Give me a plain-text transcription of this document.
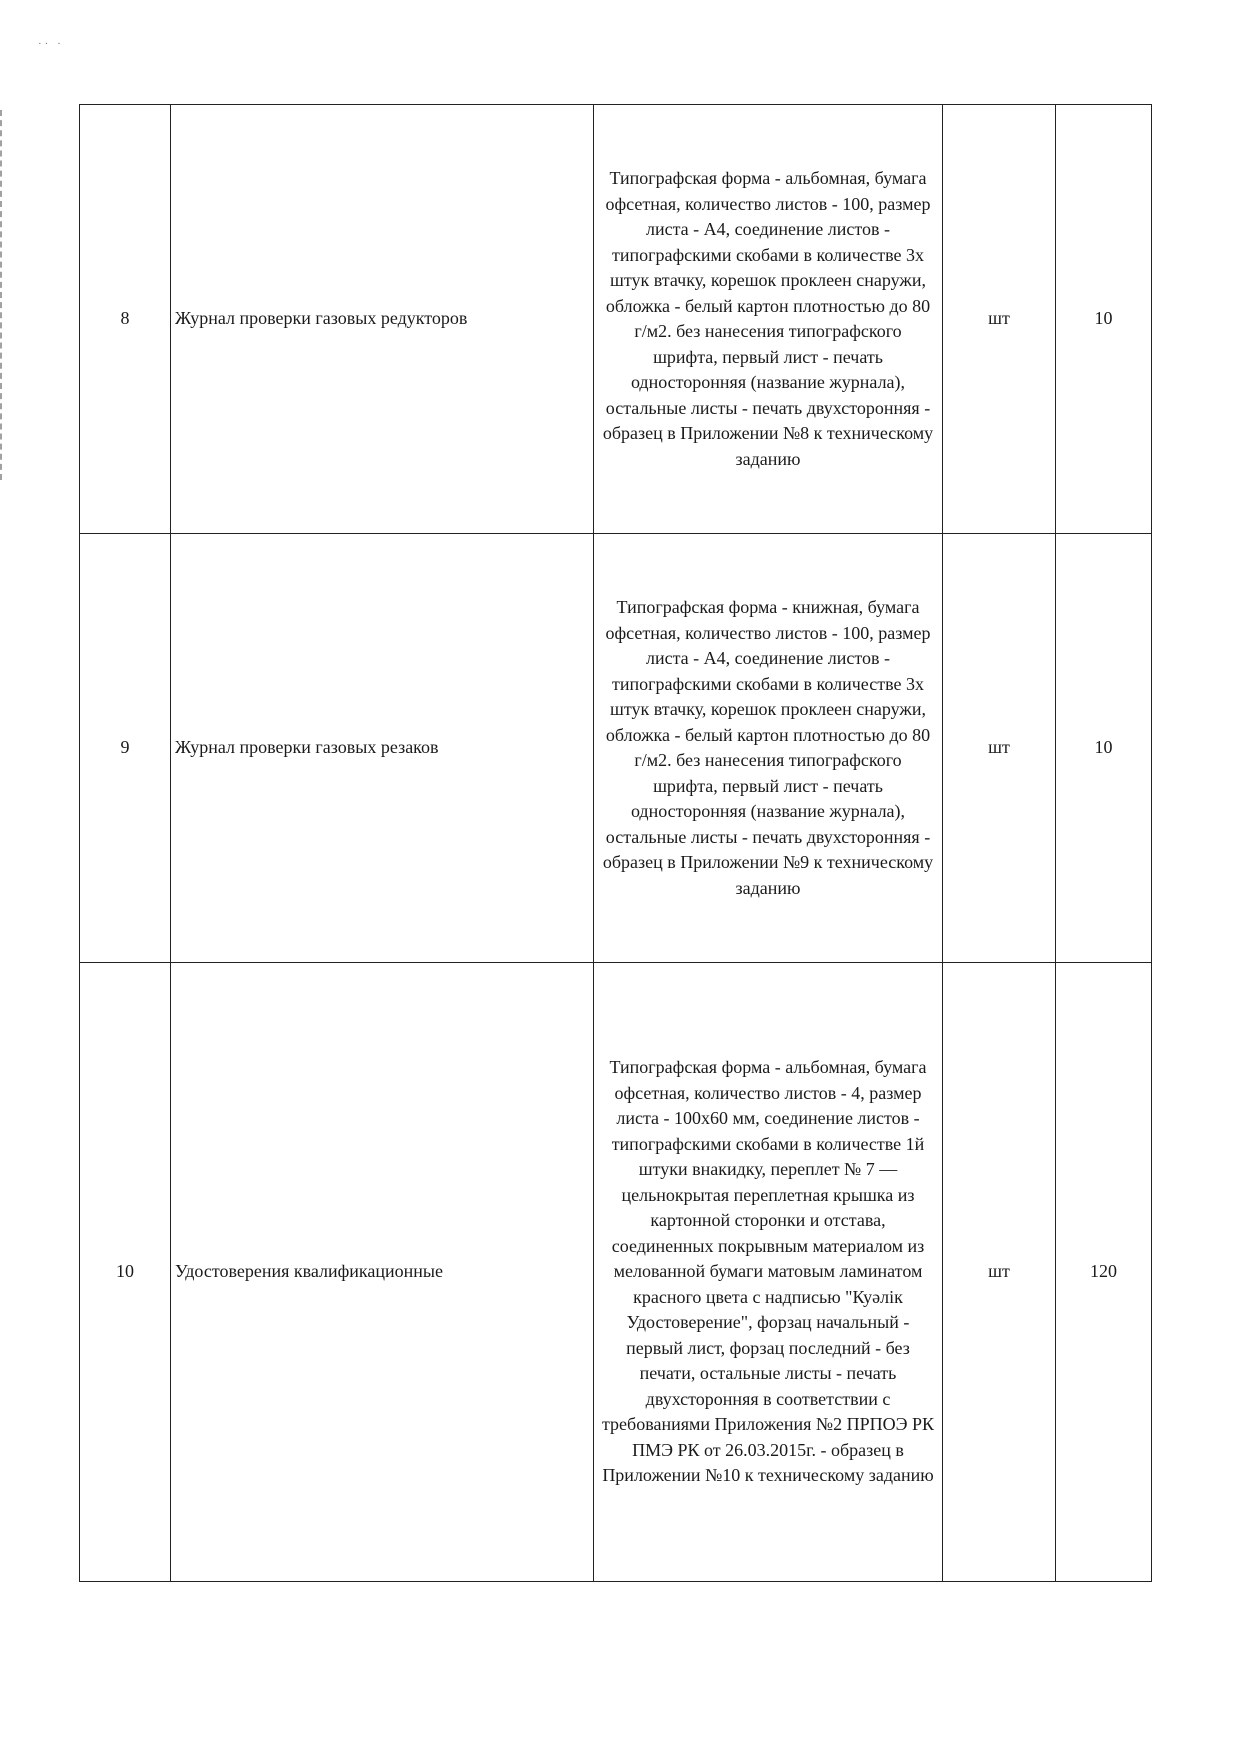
·· ·
8	Журнал проверки газовых редукторов	Типографская форма - альбомная, бумага офсетная, количество листов - 100, размер листа - А4, соединение листов - типографскими скобами в количестве 3х штук втачку, корешок проклеен снаружи, обложка - белый картон плотностью до 80 г/м2. без нанесения типографского шрифта, первый лист - печать односторонняя (название журнала), остальные листы - печать двухсторонняя - образец в Приложении №8 к техническому заданию	шт	10
9	Журнал проверки газовых резаков	Типографская форма - книжная, бумага офсетная, количество листов - 100, размер листа - А4, соединение листов - типографскими скобами в количестве 3х штук втачку, корешок проклеен снаружи, обложка - белый картон плотностью до 80 г/м2. без нанесения типографского шрифта, первый лист - печать односторонняя (название журнала), остальные листы - печать двухсторонняя - образец в Приложении №9 к техническому заданию	шт	10
10	Удостоверения квалификационные	Типографская форма - альбомная, бумага офсетная, количество листов - 4, размер листа - 100х60 мм, соединение листов - типографскими скобами в количестве 1й штуки внакидку, переплет № 7 — цельнокрытая переплетная крышка из картонной сторонки и отстава, соединенных покрывным материалом из мелованной бумаги матовым ламинатом красного цвета с надписью "Куәлік Удостоверение", форзац начальный - первый лист, форзац последний - без печати, остальные листы - печать двухсторонняя в соответствии с требованиями Приложения №2 ПРПОЭ РК ПМЭ РК от 26.03.2015г. - образец в Приложении №10 к техническому заданию	шт	120
